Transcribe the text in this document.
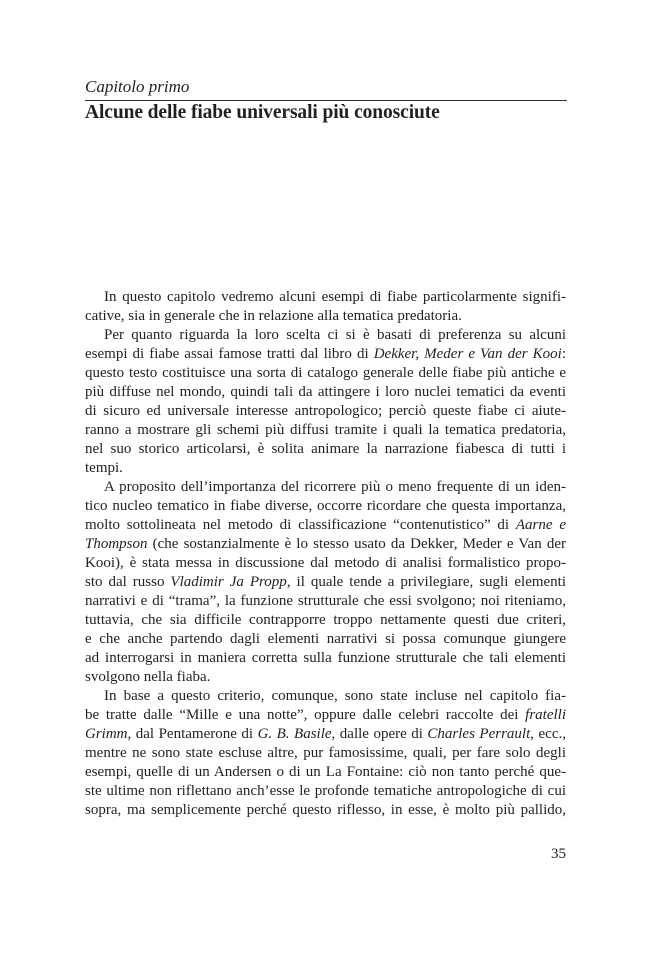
Capitolo primo
Alcune delle fiabe universali più conosciute
In questo capitolo vedremo alcuni esempi di fiabe particolarmente signifi-
cative, sia in generale che in relazione alla tematica predatoria.
Per quanto riguarda la loro scelta ci si è basati di preferenza su alcuni
esempi di fiabe assai famose tratti dal libro di Dekker, Meder e Van der Kooi:
questo testo costituisce una sorta di catalogo generale delle fiabe più antiche e
più diffuse nel mondo, quindi tali da attingere i loro nuclei tematici da eventi
di sicuro ed universale interesse antropologico; perciò queste fiabe ci aiute-
ranno a mostrare gli schemi più diffusi tramite i quali la tematica predatoria,
nel suo storico articolarsi, è solita animare la narrazione fiabesca di tutti i
tempi.
A proposito dell’importanza del ricorrere più o meno frequente di un iden-
tico nucleo tematico in fiabe diverse, occorre ricordare che questa importanza,
molto sottolineata nel metodo di classificazione “contenutistico” di Aarne e
Thompson (che sostanzialmente è lo stesso usato da Dekker, Meder e Van der
Kooi), è stata messa in discussione dal metodo di analisi formalistico propo-
sto dal russo Vladimir Ja Propp, il quale tende a privilegiare, sugli elementi
narrativi e di “trama”, la funzione strutturale che essi svolgono; noi riteniamo,
tuttavia, che sia difficile contrapporre troppo nettamente questi due criteri,
e che anche partendo dagli elementi narrativi si possa comunque giungere
ad interrogarsi in maniera corretta sulla funzione strutturale che tali elementi
svolgono nella fiaba.
In base a questo criterio, comunque, sono state incluse nel capitolo fia-
be tratte dalle “Mille e una notte”, oppure dalle celebri raccolte dei fratelli
Grimm, dal Pentamerone di G. B. Basile, dalle opere di Charles Perrault, ecc.,
mentre ne sono state escluse altre, pur famosissime, quali, per fare solo degli
esempi, quelle di un Andersen o di un La Fontaine: ciò non tanto perché que-
ste ultime non riflettano anch’esse le profonde tematiche antropologiche di cui
sopra, ma semplicemente perché questo riflesso, in esse, è molto più pallido,
35
